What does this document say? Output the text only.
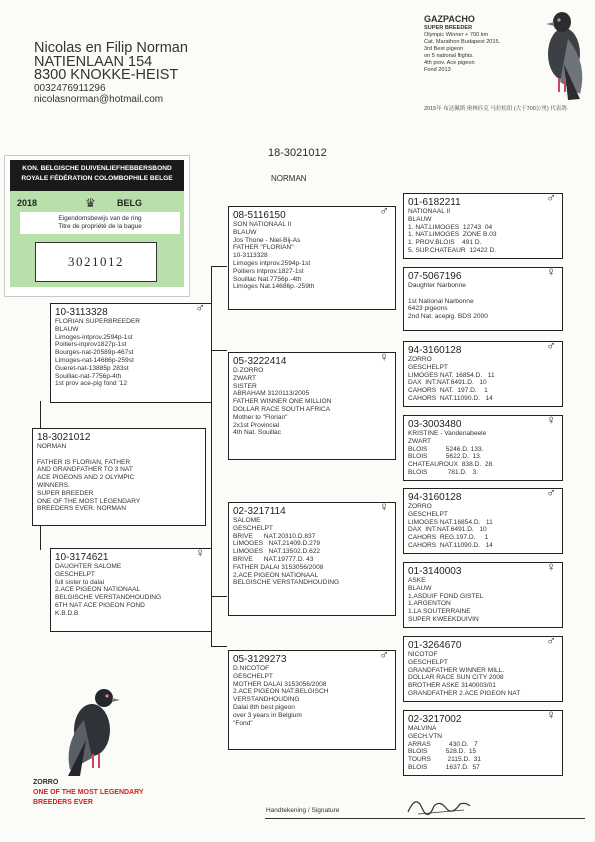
Nicolas en Filip Norman
NATIENLAAN 154
8300 KNOKKE-HEIST
0032476911296
nicolasnorman@hotmail.com
GAZPACHO
SUPER BREEDER
Olympic Winner + 700 km
Cat. Marathon Budapest 2015.
3rd Best pigeon
on 5 national flights.
4th prov. Ace pigeon
Fond 2013
2015年 布达佩斯 奥林匹克 马拉松组 (大于700公里) 代表鸽
18-3021012
NORMAN
KON. BELGISCHE DUIVENLIEFHEBBERSBOND
ROYALE FÉDÉRATION COLOMBOPHILE BELGE
2018	♛ BELG
Eigendomsbewijs van de ring
Titre de propriété de la bague
3021012
18-3021012
NORMAN
FATHER IS FLORIAN, FATHER
AND GRANDFATHER TO 3 NAT
ACE PIGEONS AND 2 OLYMPIC
WINNERS.
SUPER BREEDER
ONE OF THE MOST LEGENDARY
BREEDERS EVER. NORMAN
10-3113328	♂
FLORIAN SUPERBREEDER
BLAUW
Limoges-intprov.2594p-1st
Poitiers-inprov1827p-1st
Bourges-nat-20589p-467st
Limoges-nat-14686p-259st
Gueret-nat-13885p 283st
Souillac-nat-7756p-4th
1st prov ace-pig fond '12
10-3174621	♀
DAUGHTER SALOME
GESCHELPT
full sister to dalai
2.ACE PIGEON NATIONAAL
BELGISCHE VERSTANDHOUDING
6TH NAT ACE PIGEON FOND
K.B.D.B
08-5116150	♂
SON NATIONAAL II
BLAUW
Jos Thone - Niel-Bij-As
FATHER "FLORIAN"
10-3113328
Limoges intprov.2594p-1st
Poitiers intprov.1827-1st
Souillac Nat.7756p.-4th
Limoges Nat.14686p.-259th
05-3222414	♀
D.ZORRO
ZWART
SISTER
ABRAHAM 3120113/2005
FATHER WINNER ONE MILLION
DOLLAR RACE SOUTH AFRICA
Mother to "Florian"
2x1st Provincial
4th Nat. Souillac
02-3217114	♀
SALOME
GESCHELPT
BRIVE      NAT.20310.D.837
LIMOGES   NAT.21409.D.279
LIMOGES   NAT.13502.D.622
BRIVE      NAT.19777.D. 43
FATHER DALAI 3153056/2008
2.ACE PIGEON NATIONAAL
BELGISCHE VERSTANDHOUDING
05-3129273	♂
D.NICOTOF
GESCHELPT
MOTHER DALAI 3153056/2008
2.ACE PIGEON NAT.BELGISCH
VERSTANDHOUDING
Dalai 8th best pigeon
over 3 years in Belgium
"Fond"
01-6182211	♂
NATIONAAL II
BLAUW
1. NAT.LIMOGES  12743  04
1. NAT.LIMOGES  ZONE B.03
1. PROV.BLOIS    491 D.
5. SUP.CHATEAUR  12422 D.
07-5067196	♀
Daughter Narbonne
1st National Narbonne
6423 pigeons
2nd Nat. acepig. BDS 2000
94-3160128	♂
ZORRO
GESCHELPT
LIMOGES NAT. 16854.D.   11
DAX  INT.NAT.6491.D.   10
CAHORS  NAT.  197.D.    1
CAHORS  NAT.11090.D.   14
03-3003480	♀
KRISTINE - Vandenabeele
ZWART
BLOIS          5246.D. 133.
BLOIS          5622.D.  13.
CHATEAUROUX  838.D.  28.
BLOIS           781.D.   3.
94-3160128	♂
ZORRO
GESCHELPT
LIMOGES NAT.16854.D.   11
DAX  INT.NAT.6491.D.   10
CAHORS  REG.197.D.     1
CAHORS  NAT.11090.D.   14
01-3140003	♀
ASKE
BLAUW
1.ASDUIF FOND GISTEL
1.ARGENTON
1.LA SOUTERRAINE
SUPER KWEEKDUIVIN
01-3264670	♂
NICOTOF
GESCHELPT
GRANDFATHER WINNER MILL.
DOLLAR RACE SUN CITY 2008
BROTHER ASKE 3140003/01
GRANDFATHER 2.ACE PIGEON NAT
02-3217002	♀
MALVINA
GECH.VTN
ARRAS          430.D.   7
BLOIS          528.D.  15
TOURS         2115.D.  31
BLOIS          1637.D.  57
ZORRO
ONE OF THE MOST LEGENDARY
BREEDERS EVER
Handtekening / Signature
